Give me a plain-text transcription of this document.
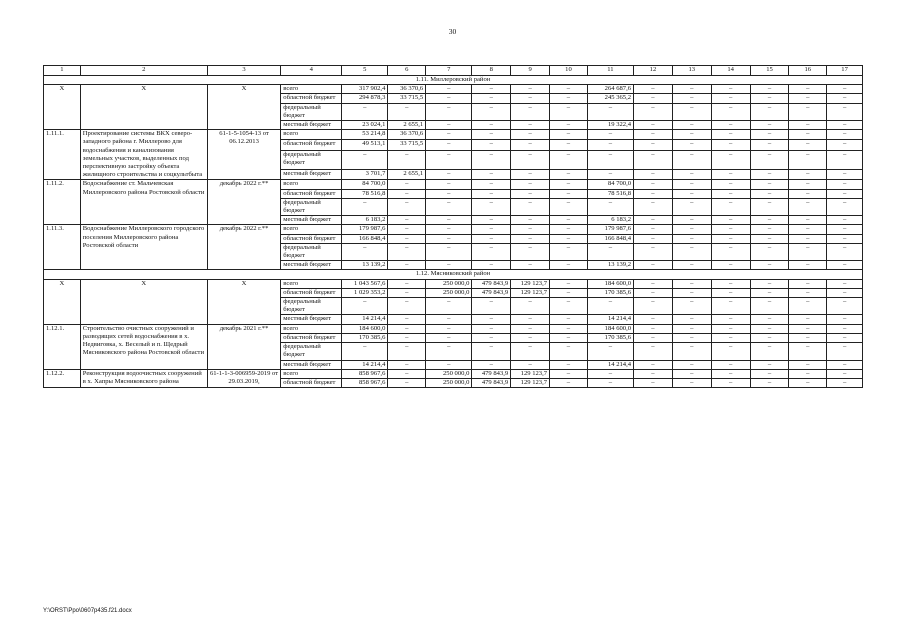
30
1	2	3	4	5	6	7	8	9	10	11	12	13	14	15	16	17
1.11. Миллеровский район																
Х	Х	Х	всего	317 902,4	36 370,6	–	–	–	–	264 687,6	–	–	–	–	–	–
			областной бюджет	294 878,3	33 715,5	–	–	–	–	245 365,2	–	–	–	–	–	–
			федеральный бюджет	–	–	–	–	–	–	–	–	–	–	–	–	–
			местный бюджет	23 024,1	2 655,1	–	–	–	–	19 322,4	–	–	–	–	–	–
1.11.1.	Проектирование системы ВКХ северо-западного района г. Миллерово для водоснабжения и канализования земельных участков, выделенных под перспективную застройку объекта жилищного строительства и соцкультбыта	61-1-5-1054-13 от 06.12.2013	всего	53 214,8	36 370,6	–	–	–	–	–	–	–	–	–	–	–
			областной бюджет	49 513,1	33 715,5	–	–	–	–	–	–	–	–	–	–	–
			федеральный бюджет	–	–	–	–	–	–	–	–	–	–	–	–	–
			местный бюджет	3 701,7	2 655,1	–	–	–	–	–	–	–	–	–	–	–
1.11.2.	Водоснабжение ст. Мальчевская Миллеровского района Ростовской области	декабрь 2022 г.**	всего	84 700,0	–	–	–	–	–	84 700,0	–	–	–	–	–	–
			областной бюджет	78 516,8	–	–	–	–	–	78 516,8	–	–	–	–	–	–
			федеральный бюджет	–	–	–	–	–	–	–	–	–	–	–	–	–
			местный бюджет	6 183,2	–	–	–	–	–	6 183,2	–	–	–	–	–	–
1.11.3.	Водоснабжение Миллеровского городского поселения Миллеровского района Ростовской области	декабрь 2022 г.**	всего	179 987,6	–	–	–	–	–	179 987,6	–	–	–	–	–	–
			областной бюджет	166 848,4	–	–	–	–	–	166 848,4	–	–	–	–	–	–
			федеральный бюджет	–	–	–	–	–	–	–	–	–	–	–	–	–
			местный бюджет	13 139,2	–	–	–	–	–	13 139,2	–	–	–	–	–	–
1.12. Мясниковский район																
Х	Х	Х	всего	1 043 567,6	–	250 000,0	479 843,9	129 123,7	–	184 600,0	–	–	–	–	–	–
			областной бюджет	1 029 353,2	–	250 000,0	479 843,9	129 123,7	–	170 385,6	–	–	–	–	–	–
			федеральный бюджет	–	–	–	–	–	–	–	–	–	–	–	–	–
			местный бюджет	14 214,4	–	–	–	–	–	14 214,4	–	–	–	–	–	–
1.12.1.	Строительство очистных сооружений и разводящих сетей водоснабжения в х. Недвиговка, х. Веселый и п. Щедрый Мясниковского района Ростовской области	декабрь 2021 г.**	всего	184 600,0	–	–	–	–	–	184 600,0	–	–	–	–	–	–
			областной бюджет	170 385,6	–	–	–	–	–	170 385,6	–	–	–	–	–	–
			федеральный бюджет	–	–	–	–	–	–	–	–	–	–	–	–	–
			местный бюджет	14 214,4	–	–	–	–	–	14 214,4	–	–	–	–	–	–
1.12.2.	Реконструкция водоочистных сооружений в х. Хапры Мясниковского района	61-1-1-3-006959-2019 от 29.03.2019,	всего	858 967,6	–	250 000,0	479 843,9	129 123,7	–	–	–	–	–	–	–	–
			областной бюджет	858 967,6	–	250 000,0	479 843,9	129 123,7	–	–	–	–	–	–	–	–
Y:\ORST\Ppo\0607p435.f21.docx
